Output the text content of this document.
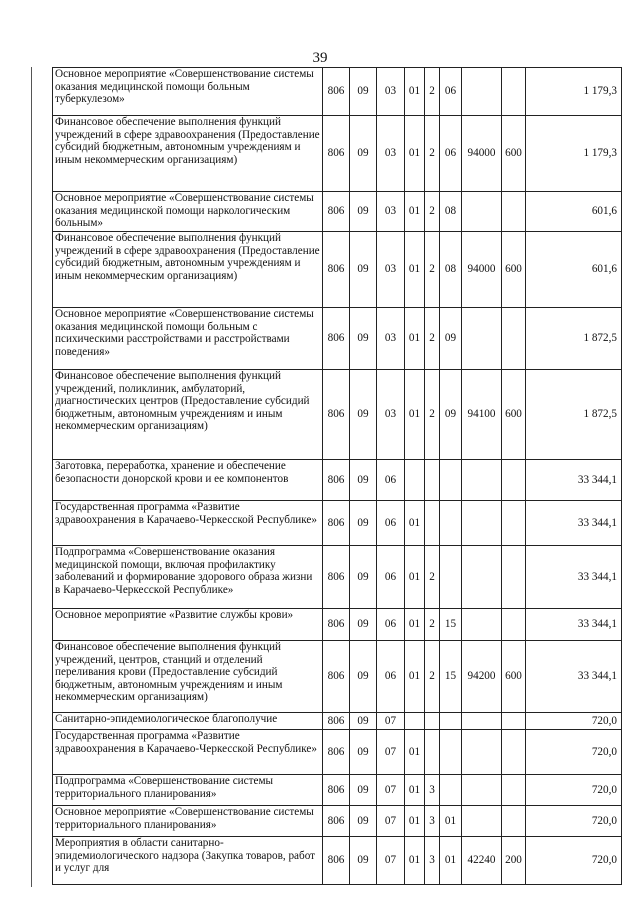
39
Основное мероприятие «Совершенствование системы оказания медицинской помощи больным туберкулезом»	806	09	03	01	2	06			1 179,3
Финансовое обеспечение выполнения функций учреждений в сфере здравоохранения (Предоставление субсидий бюджетным, автономным учреждениям и иным некоммерческим организациям)	806	09	03	01	2	06	94000	600	1 179,3
Основное мероприятие «Совершенствование системы оказания медицинской помощи наркологическим больным»	806	09	03	01	2	08			601,6
Финансовое обеспечение выполнения функций учреждений в сфере здравоохранения (Предоставление субсидий бюджетным, автономным учреждениям и иным некоммерческим организациям)	806	09	03	01	2	08	94000	600	601,6
Основное мероприятие «Совершенствование системы оказания медицинской помощи больным с психическими расстройствами и расстройствами поведения»	806	09	03	01	2	09			1 872,5
Финансовое обеспечение выполнения функций учреждений, поликлиник, амбулаторий, диагностических центров (Предоставление субсидий бюджетным, автономным учреждениям и иным некоммерческим организациям)	806	09	03	01	2	09	94100	600	1 872,5
Заготовка, переработка, хранение и обеспечение безопасности донорской крови и ее компонентов	806	09	06						33 344,1
Государственная программа «Развитие здравоохранения в Карачаево-Черкесской Республике»	806	09	06	01					33 344,1
Подпрограмма «Совершенствование оказания медицинской помощи, включая профилактику заболеваний и формирование здорового образа жизни в Карачаево-Черкесской Республике»	806	09	06	01	2				33 344,1
Основное мероприятие «Развитие службы крови»	806	09	06	01	2	15			33 344,1
Финансовое обеспечение выполнения функций учреждений, центров, станций и отделений переливания крови (Предоставление субсидий бюджетным, автономным учреждениям и иным некоммерческим организациям)	806	09	06	01	2	15	94200	600	33 344,1
Санитарно-эпидемиологическое благополучие	806	09	07						720,0
Государственная программа «Развитие здравоохранения в Карачаево-Черкесской Республике»	806	09	07	01					720,0
Подпрограмма «Совершенствование системы территориального планирования»	806	09	07	01	3				720,0
Основное мероприятие «Совершенствование системы территориального планирования»	806	09	07	01	3	01			720,0
Мероприятия в области санитарно-эпидемиологического надзора (Закупка товаров, работ и услуг для	806	09	07	01	3	01	42240	200	720,0
